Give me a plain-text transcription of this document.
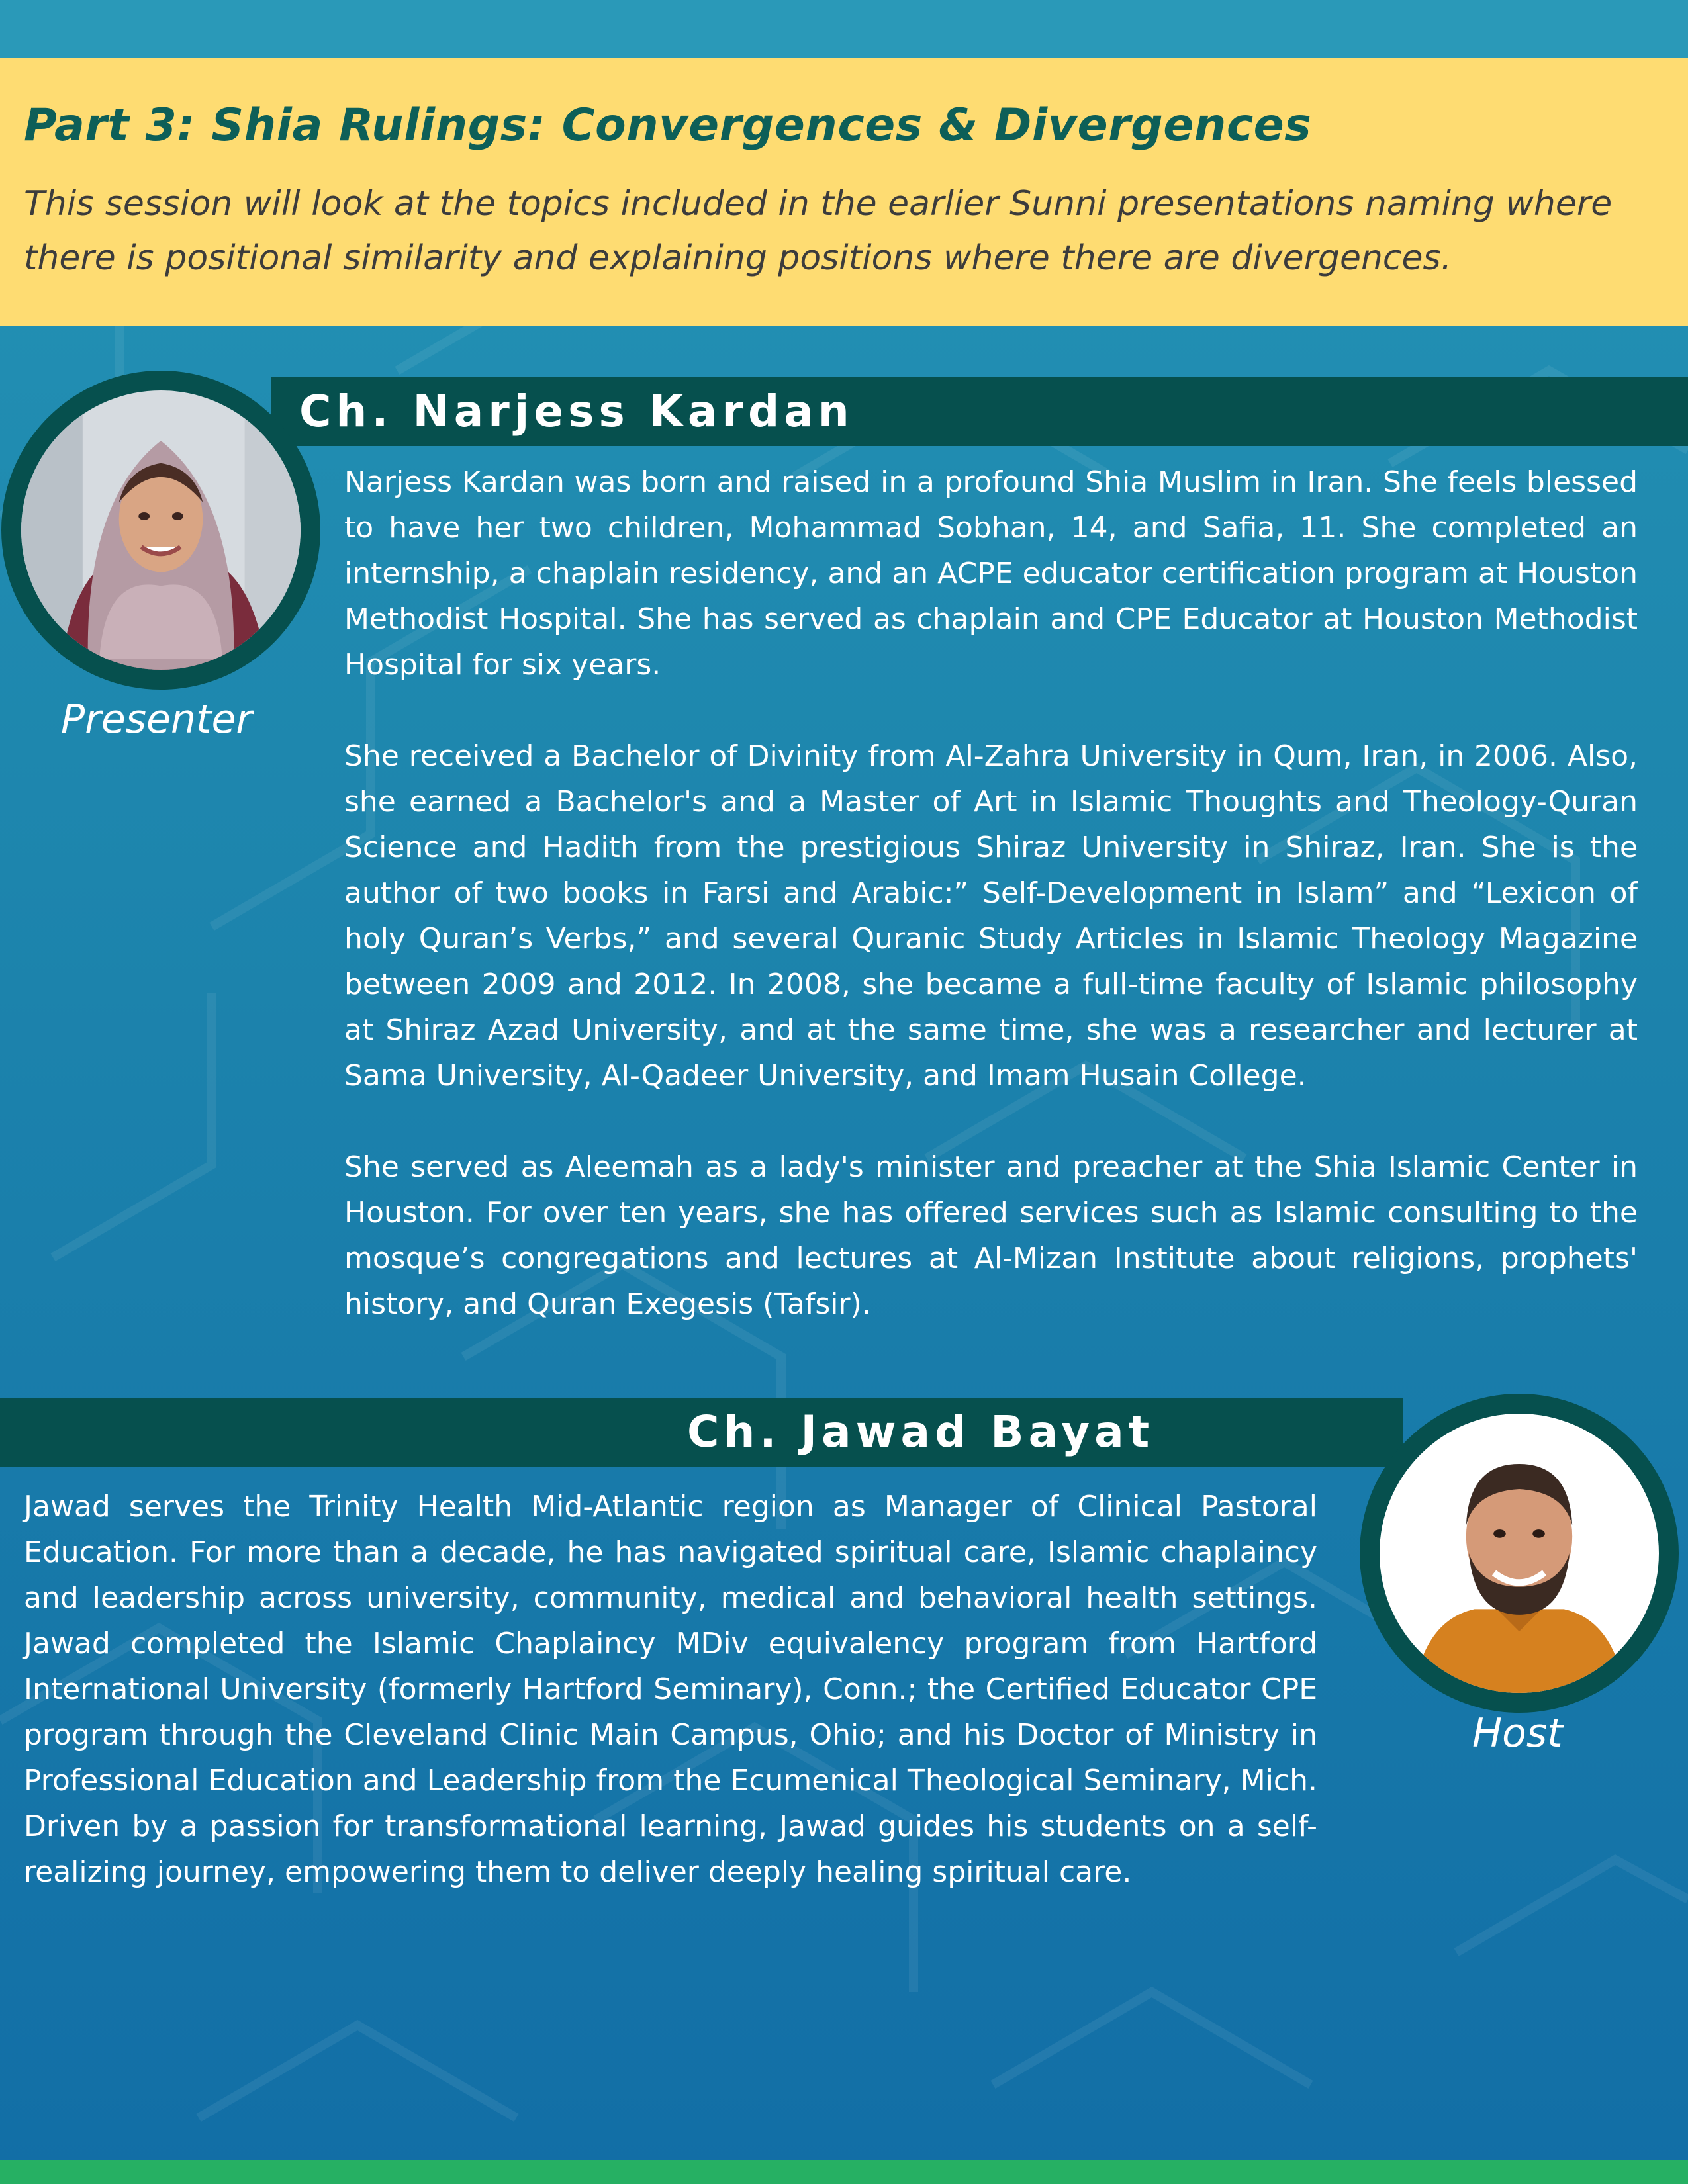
Part 3: Shia Rulings: Convergences & Divergences

This session will look at the topics included in the earlier Sunni presentations naming where there is positional similarity and explaining positions where there are divergences.

Ch. Narjess Kardan
Presenter

Narjess Kardan was born and raised in a profound Shia Muslim in Iran. She feels blessed to have her two children, Mohammad Sobhan, 14, and Safia, 11. She completed an internship, a chaplain residency, and an ACPE educator certification program at Houston Methodist Hospital. She has served as chaplain and CPE Educator at Houston Methodist Hospital for six years.

She received a Bachelor of Divinity from Al-Zahra University in Qum, Iran, in 2006. Also, she earned a Bachelor's and a Master of Art in Islamic Thoughts and Theology-Quran Science and Hadith from the prestigious Shiraz University in Shiraz, Iran. She is the author of two books in Farsi and Arabic:” Self-Development in Islam” and “Lexicon of holy Quran’s Verbs,” and several Quranic Study Articles in Islamic Theology Magazine between 2009 and 2012. In 2008, she became a full-time faculty of Islamic philosophy at Shiraz Azad University, and at the same time, she was a researcher and lecturer at Sama University, Al-Qadeer University, and Imam Husain College.

She served as Aleemah as a lady's minister and preacher at the Shia Islamic Center in Houston. For over ten years, she has offered services such as Islamic consulting to the mosque’s congregations and lectures at Al-Mizan Institute about religions, prophets' history, and Quran Exegesis (Tafsir).

Ch. Jawad Bayat
Host

Jawad serves the Trinity Health Mid-Atlantic region as Manager of Clinical Pastoral Education. For more than a decade, he has navigated spiritual care, Islamic chaplaincy and leadership across university, community, medical and behavioral health settings. Jawad completed the Islamic Chaplaincy MDiv equivalency program from Hartford International University (formerly Hartford Seminary), Conn.; the Certified Educator CPE program through the Cleveland Clinic Main Campus, Ohio; and his Doctor of Ministry in Professional Education and Leadership from the Ecumenical Theological Seminary, Mich. Driven by a passion for transformational learning, Jawad guides his students on a self-realizing journey, empowering them to deliver deeply healing spiritual care.
